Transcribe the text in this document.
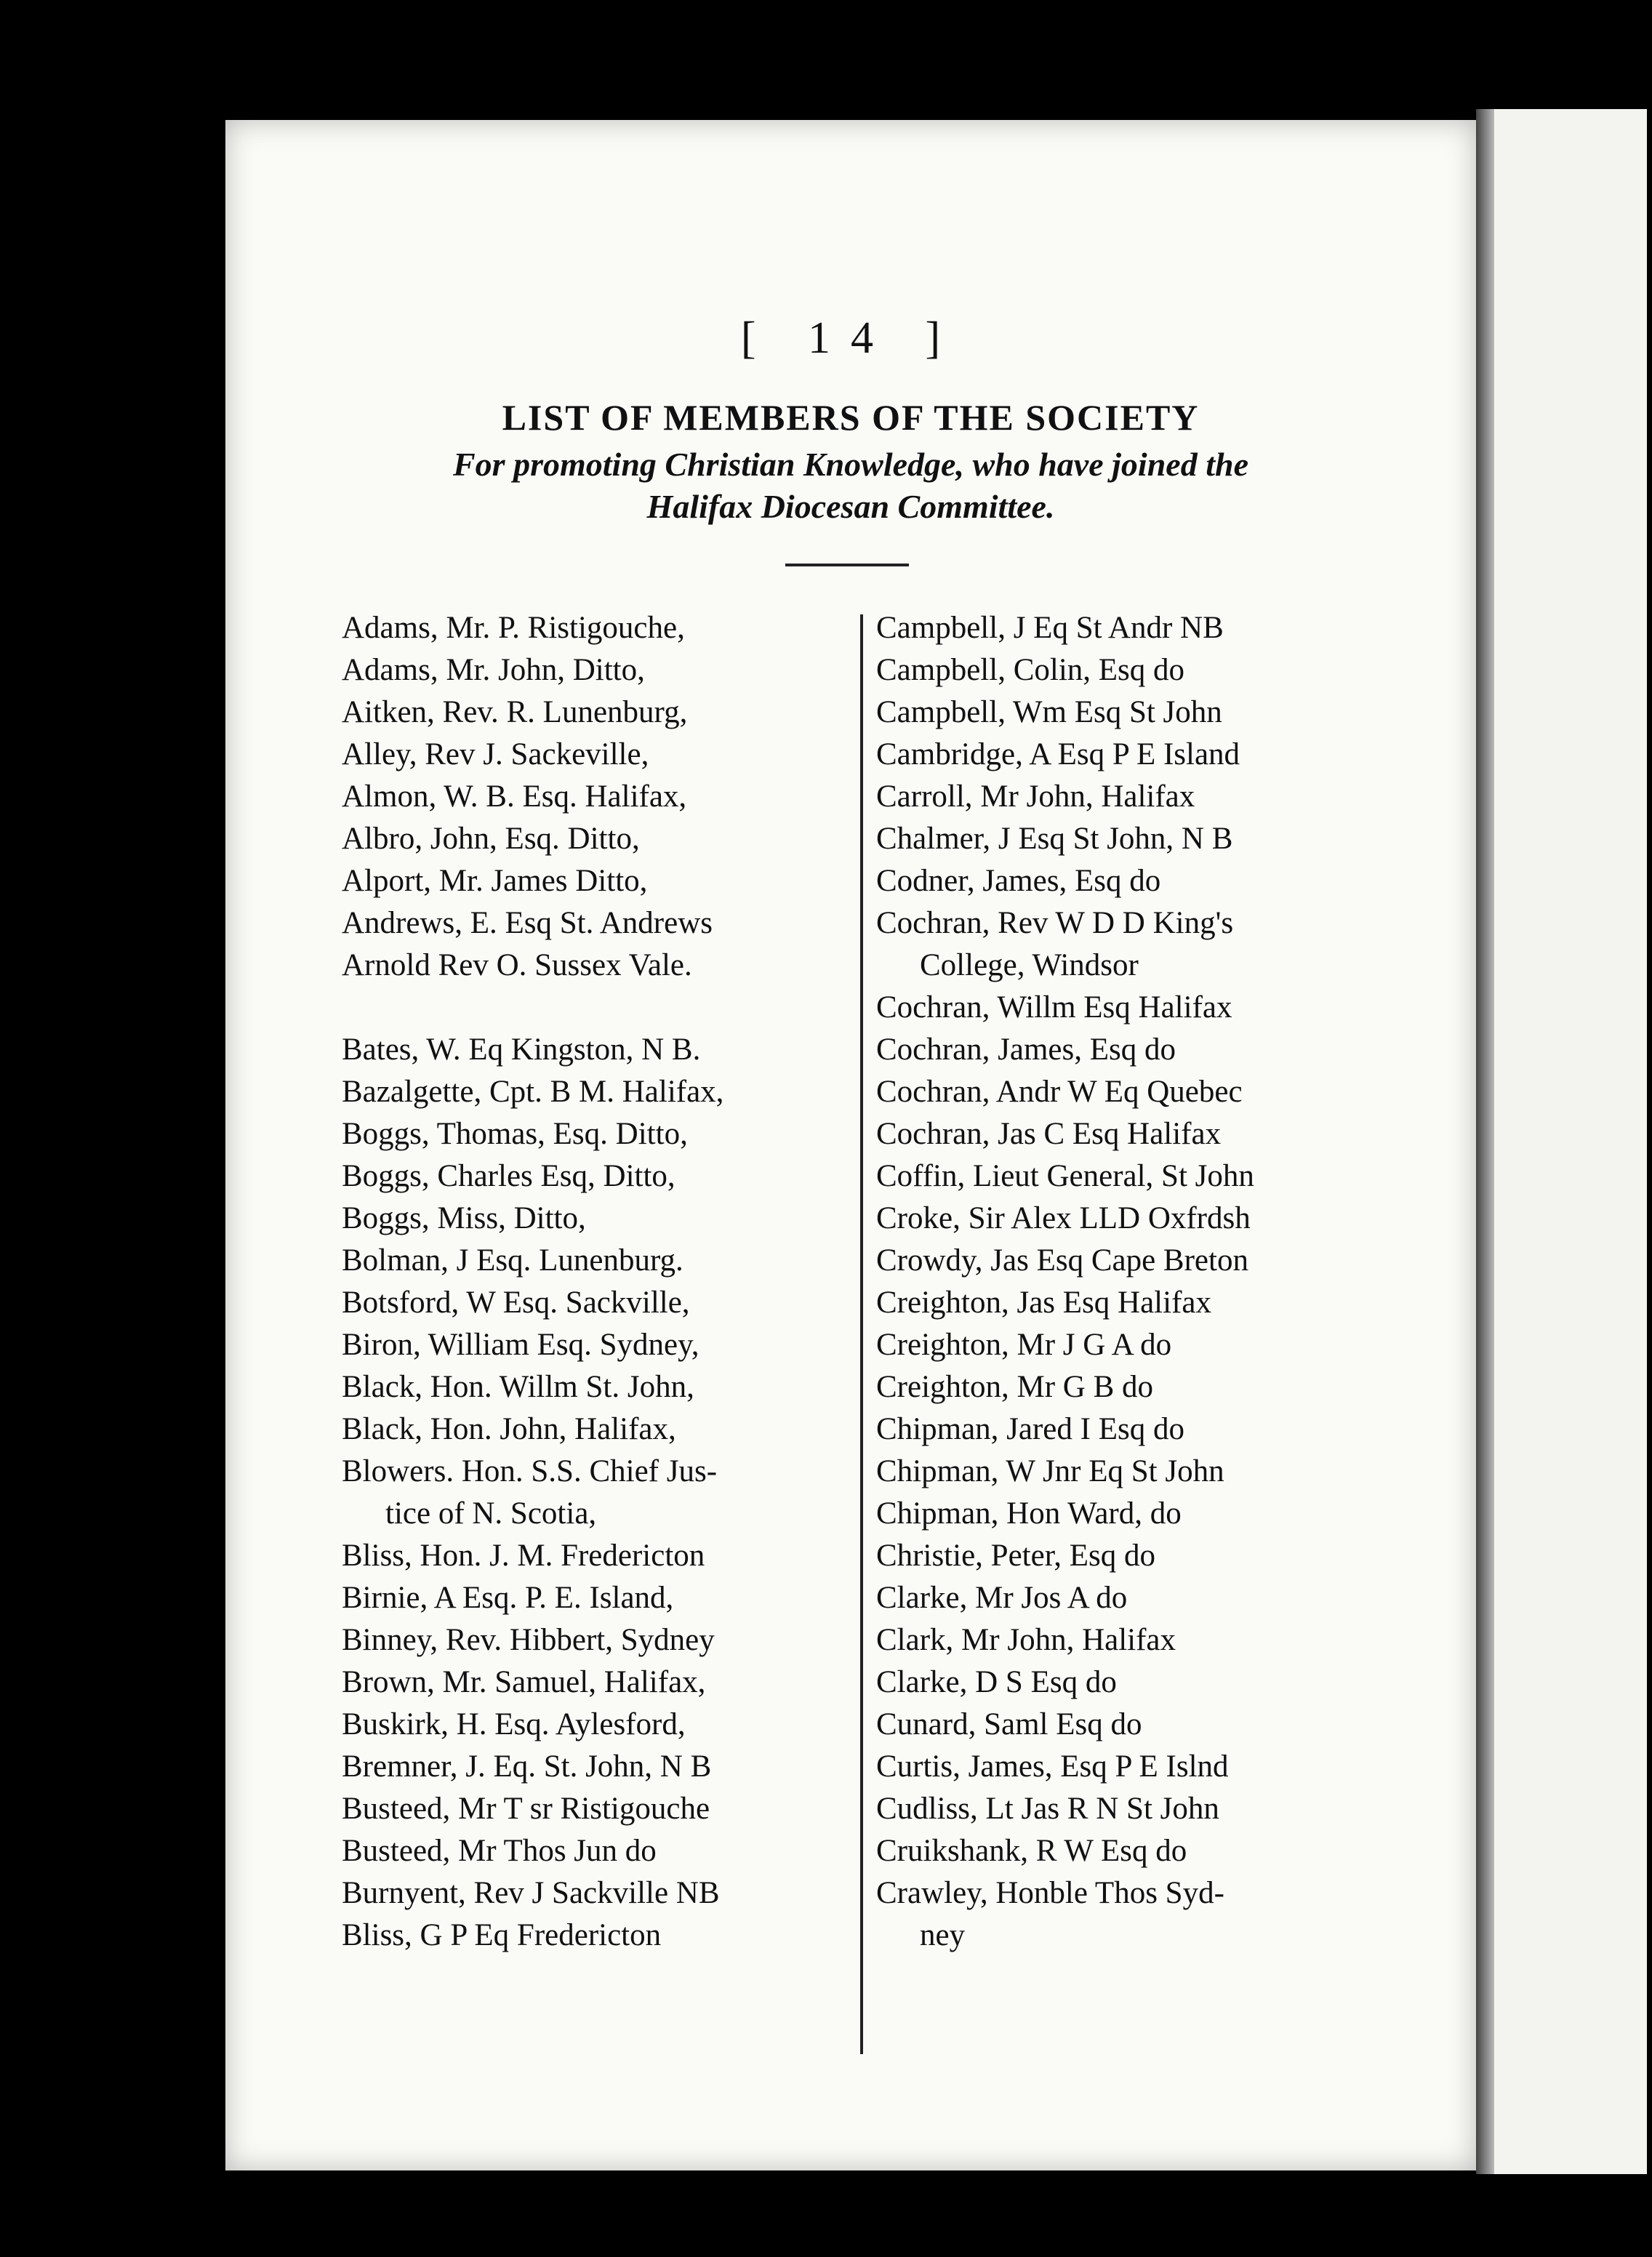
[ 14 ]
LIST OF MEMBERS OF THE SOCIETY
For promoting Christian Knowledge, who have joined the
Halifax Diocesan Committee.
Adams, Mr. P. Ristigouche,
Adams, Mr. John, Ditto,
Aitken, Rev. R. Lunenburg,
Alley, Rev J. Sackeville,
Almon, W. B. Esq. Halifax,
Albro, John, Esq. Ditto,
Alport, Mr. James Ditto,
Andrews, E. Esq St. Andrews
Arnold Rev O. Sussex Vale.
Bates, W. Eq Kingston, N B.
Bazalgette, Cpt. B M. Halifax,
Boggs, Thomas, Esq. Ditto,
Boggs, Charles Esq, Ditto,
Boggs, Miss, Ditto,
Bolman, J Esq. Lunenburg.
Botsford, W Esq. Sackville,
Biron, William Esq. Sydney,
Black, Hon. Willm St. John,
Black, Hon. John, Halifax,
Blowers. Hon. S.S. Chief Jus-
tice of N. Scotia,
Bliss, Hon. J. M. Fredericton
Birnie, A Esq. P. E. Island,
Binney, Rev. Hibbert, Sydney
Brown, Mr. Samuel, Halifax,
Buskirk, H. Esq. Aylesford,
Bremner, J. Eq. St. John, N B
Busteed, Mr T sr Ristigouche
Busteed, Mr Thos Jun do
Burnyent, Rev J Sackville NB
Bliss, G P Eq Fredericton
Campbell, J Eq St Andr NB
Campbell, Colin, Esq do
Campbell, Wm Esq St John
Cambridge, A Esq P E Island
Carroll, Mr John, Halifax
Chalmer, J Esq St John, N B
Codner, James, Esq do
Cochran, Rev W D D King's
College, Windsor
Cochran, Willm Esq Halifax
Cochran, James, Esq do
Cochran, Andr W Eq Quebec
Cochran, Jas C Esq Halifax
Coffin, Lieut General, St John
Croke, Sir Alex LLD Oxfrdsh
Crowdy, Jas Esq Cape Breton
Creighton, Jas Esq Halifax
Creighton, Mr J G A do
Creighton, Mr G B do
Chipman, Jared I Esq do
Chipman, W Jnr Eq St John
Chipman, Hon Ward, do
Christie, Peter, Esq do
Clarke, Mr Jos A do
Clark, Mr John, Halifax
Clarke, D S Esq do
Cunard, Saml Esq do
Curtis, James, Esq P E Islnd
Cudliss, Lt Jas R N St John
Cruikshank, R W Esq do
Crawley, Honble Thos Syd-
ney
